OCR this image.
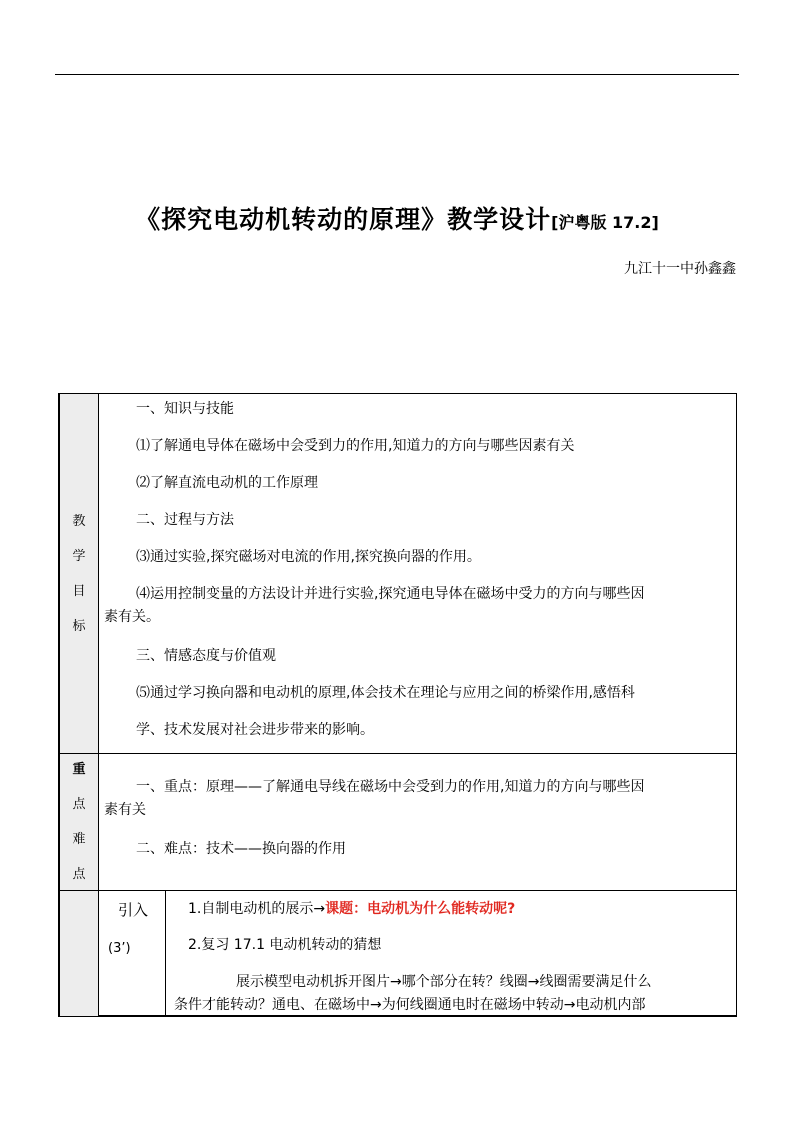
《探究电动机转动的原理》教学设计[沪粤版 17.2]
九江十一中孙鑫鑫
教
学
目
标
重
点
难
点
一、知识与技能
⑴了解通电导体在磁场中会受到力的作用,知道力的方向与哪些因素有关
⑵了解直流电动机的工作原理
二、过程与方法
⑶通过实验,探究磁场对电流的作用,探究换向器的作用。
⑷运用控制变量的方法设计并进行实验,探究通电导体在磁场中受力的方向与哪些因
素有关。
三、情感态度与价值观
⑸通过学习换向器和电动机的原理,体会技术在理论与应用之间的桥梁作用,感悟科
学、技术发展对社会进步带来的影响。
一、重点：原理——了解通电导线在磁场中会受到力的作用,知道力的方向与哪些因
素有关
二、难点：技术——换向器的作用
引入
(3’)
1.自制电动机的展示→课题：电动机为什么能转动呢?
2.复习 17.1 电动机转动的猜想
展示模型电动机拆开图片→哪个部分在转？线圈→线圈需要满足什么
条件才能转动？通电、在磁场中→为何线圈通电时在磁场中转动→电动机内部
